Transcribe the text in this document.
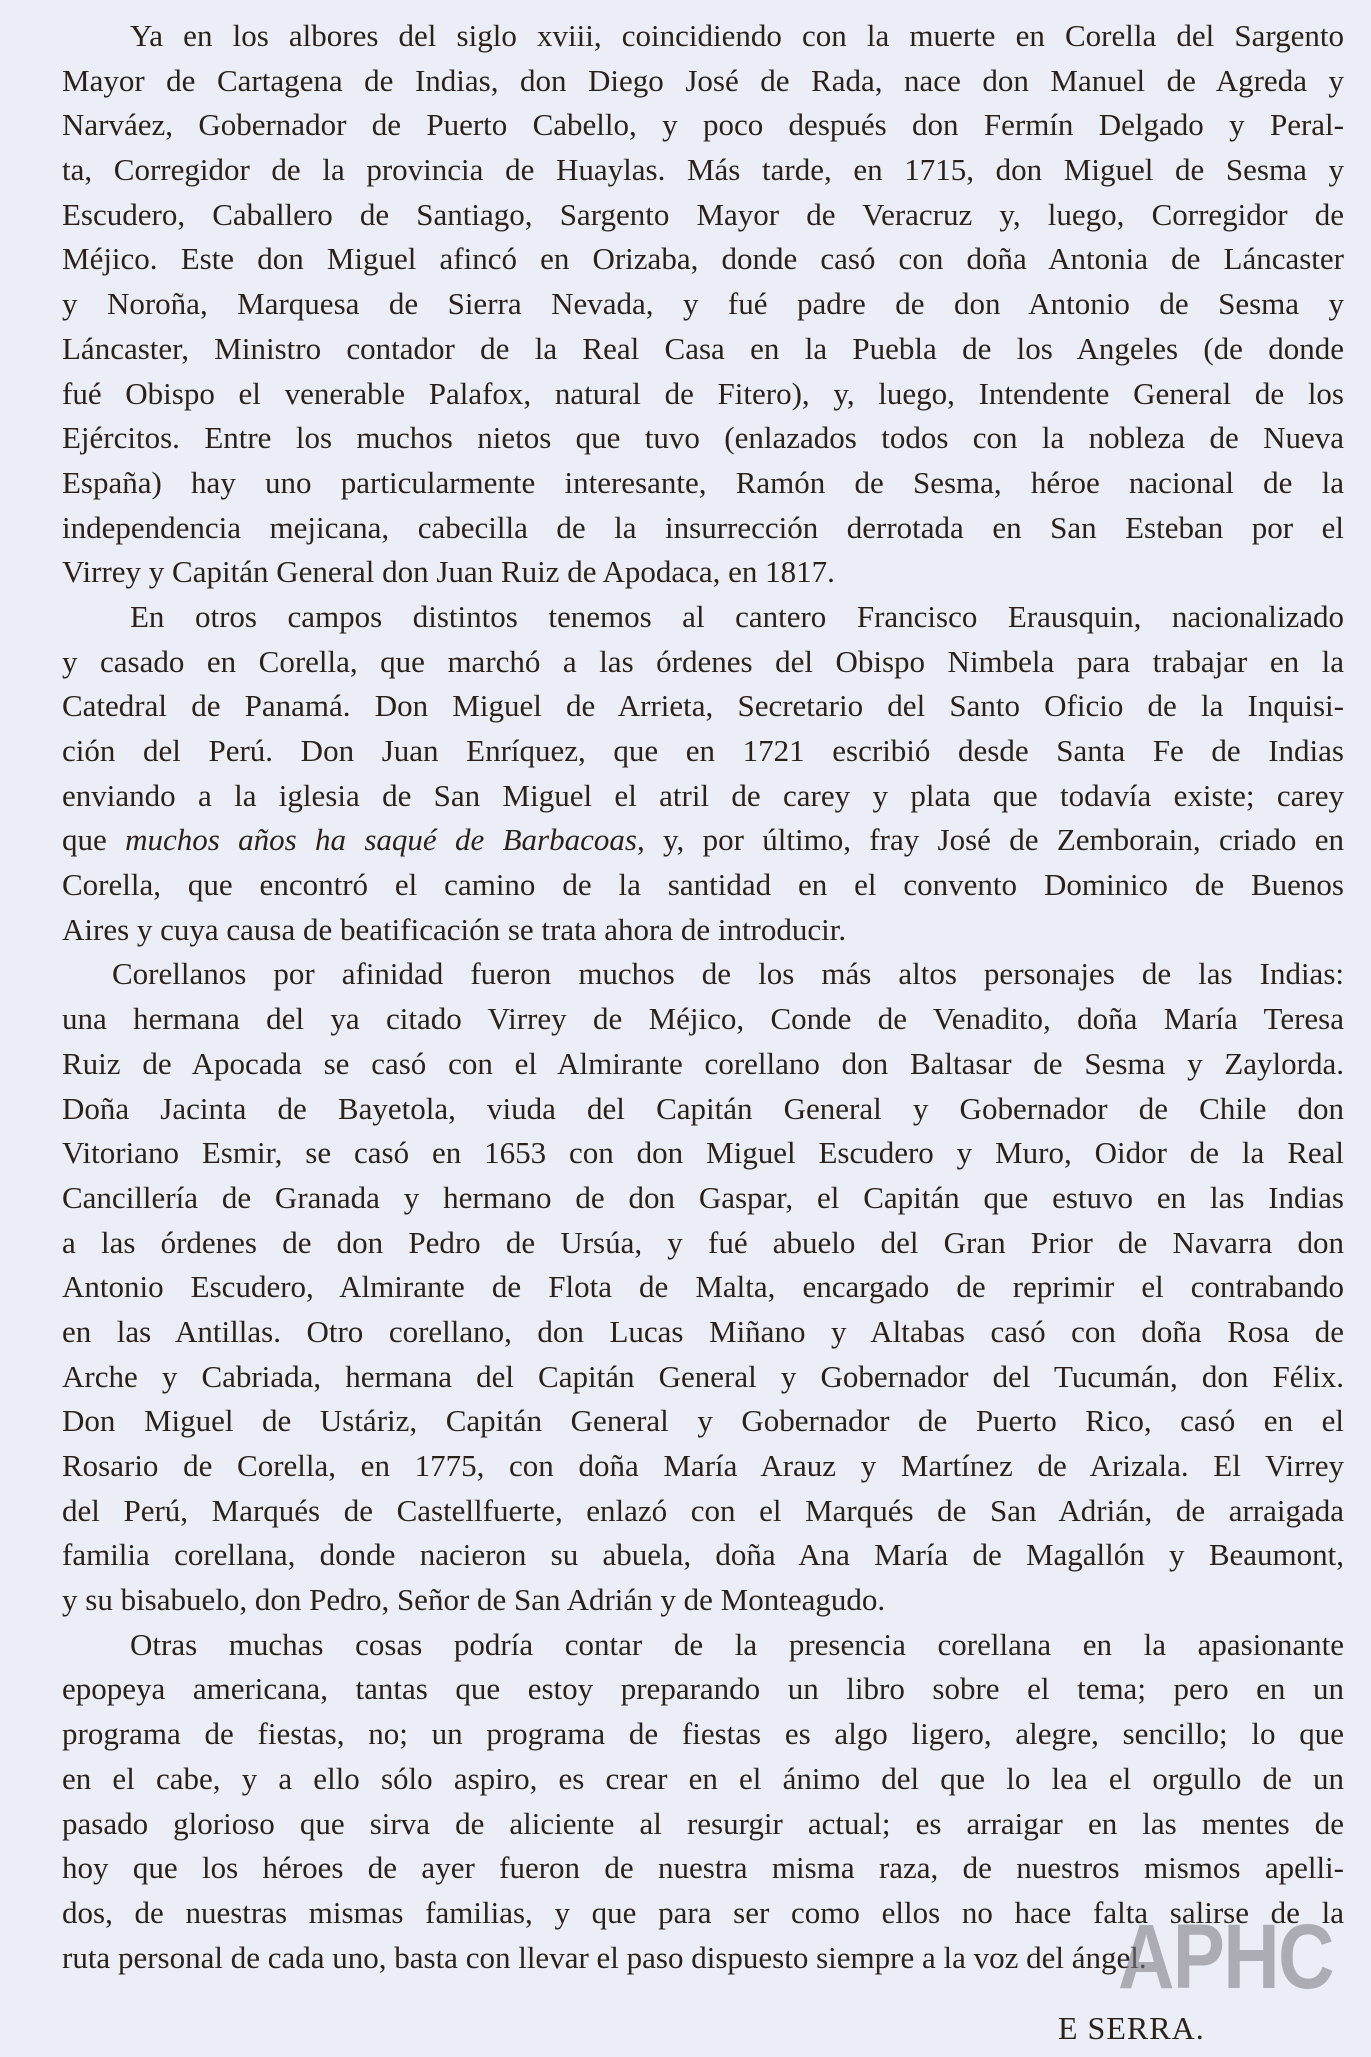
Ya en los albores del siglo xviii, coincidiendo con la muerte en Corella del Sargento
Mayor de Cartagena de Indias, don Diego José de Rada, nace don Manuel de Agreda y
Narváez, Gobernador de Puerto Cabello, y poco después don Fermín Delgado y Peral-
ta, Corregidor de la provincia de Huaylas. Más tarde, en 1715, don Miguel de Sesma y
Escudero, Caballero de Santiago, Sargento Mayor de Veracruz y, luego, Corregidor de
Méjico. Este don Miguel afincó en Orizaba, donde casó con doña Antonia de Láncaster
y Noroña, Marquesa de Sierra Nevada, y fué padre de don Antonio de Sesma y
Láncaster, Ministro contador de la Real Casa en la Puebla de los Angeles (de donde
fué Obispo el venerable Palafox, natural de Fitero), y, luego, Intendente General de los
Ejércitos. Entre los muchos nietos que tuvo (enlazados todos con la nobleza de Nueva
España) hay uno particularmente interesante, Ramón de Sesma, héroe nacional de la
independencia mejicana, cabecilla de la insurrección derrotada en San Esteban por el
Virrey y Capitán General don Juan Ruiz de Apodaca, en 1817.
En otros campos distintos tenemos al cantero Francisco Erausquin, nacionalizado
y casado en Corella, que marchó a las órdenes del Obispo Nimbela para trabajar en la
Catedral de Panamá. Don Miguel de Arrieta, Secretario del Santo Oficio de la Inquisi-
ción del Perú. Don Juan Enríquez, que en 1721 escribió desde Santa Fe de Indias
enviando a la iglesia de San Miguel el atril de carey y plata que todavía existe; carey
que muchos años ha saqué de Barbacoas, y, por último, fray José de Zemborain, criado en
Corella, que encontró el camino de la santidad en el convento Dominico de Buenos
Aires y cuya causa de beatificación se trata ahora de introducir.
Corellanos por afinidad fueron muchos de los más altos personajes de las Indias:
una hermana del ya citado Virrey de Méjico, Conde de Venadito, doña María Teresa
Ruiz de Apocada se casó con el Almirante corellano don Baltasar de Sesma y Zaylorda.
Doña Jacinta de Bayetola, viuda del Capitán General y Gobernador de Chile don
Vitoriano Esmir, se casó en 1653 con don Miguel Escudero y Muro, Oidor de la Real
Cancillería de Granada y hermano de don Gaspar, el Capitán que estuvo en las Indias
a las órdenes de don Pedro de Ursúa, y fué abuelo del Gran Prior de Navarra don
Antonio Escudero, Almirante de Flota de Malta, encargado de reprimir el contrabando
en las Antillas. Otro corellano, don Lucas Miñano y Altabas casó con doña Rosa de
Arche y Cabriada, hermana del Capitán General y Gobernador del Tucumán, don Félix.
Don Miguel de Ustáriz, Capitán General y Gobernador de Puerto Rico, casó en el
Rosario de Corella, en 1775, con doña María Arauz y Martínez de Arizala. El Virrey
del Perú, Marqués de Castellfuerte, enlazó con el Marqués de San Adrián, de arraigada
familia corellana, donde nacieron su abuela, doña Ana María de Magallón y Beaumont,
y su bisabuelo, don Pedro, Señor de San Adrián y de Monteagudo.
Otras muchas cosas podría contar de la presencia corellana en la apasionante
epopeya americana, tantas que estoy preparando un libro sobre el tema; pero en un
programa de fiestas, no; un programa de fiestas es algo ligero, alegre, sencillo; lo que
en el cabe, y a ello sólo aspiro, es crear en el ánimo del que lo lea el orgullo de un
pasado glorioso que sirva de aliciente al resurgir actual; es arraigar en las mentes de
hoy que los héroes de ayer fueron de nuestra misma raza, de nuestros mismos apelli-
dos, de nuestras mismas familias, y que para ser como ellos no hace falta salirse de la
ruta personal de cada uno, basta con llevar el paso dispuesto siempre a la voz del ángel.
E SERRA.
APHC
